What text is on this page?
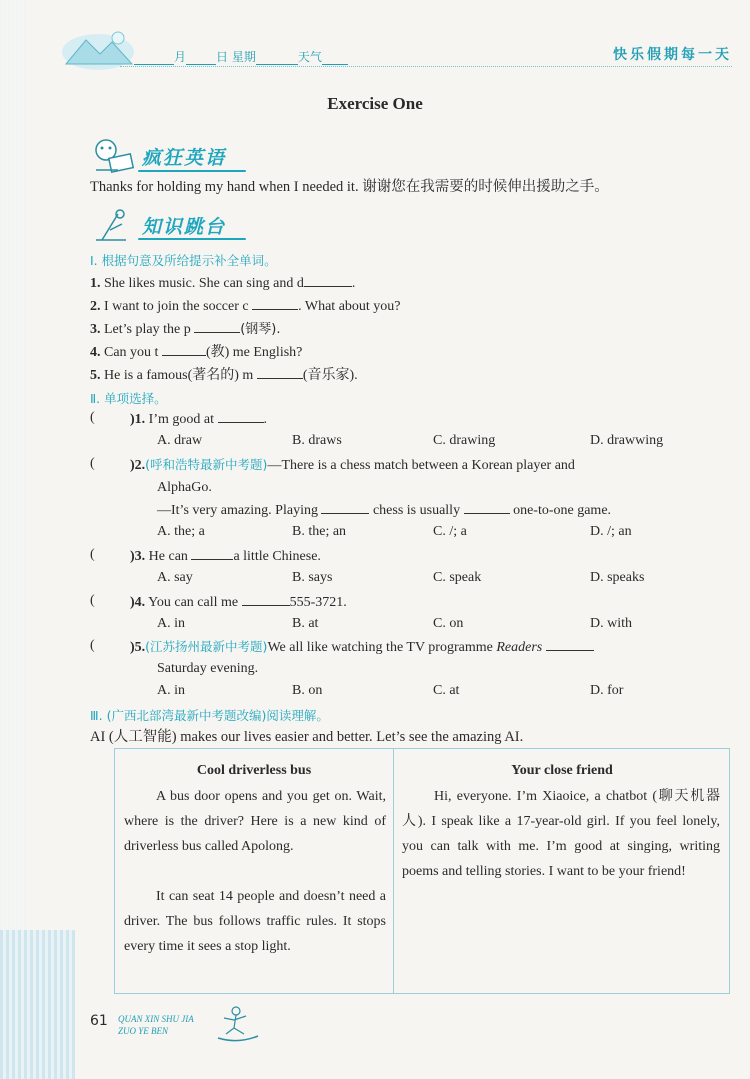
月	日 星期	天气	快乐假期每一天
Exercise One
疯狂英语
Thanks for holding my hand when I needed it. 谢谢您在我需要的时候伸出援助之手。
知识跳台
Ⅰ. 根据句意及所给提示补全单词。
1. She likes music. She can sing and d	.
2. I want to join the soccer c	. What about you?
3. Let’s play the p	(钢琴).
4. Can you t	(教) me English?
5. He is a famous(著名的) m	(音乐家).
Ⅱ. 单项选择。
(	)1. I’m good at	.
A. draw	B. draws	C. drawing	D. drawwing
(	)2.(呼和浩特最新中考题)—There is a chess match between a Korean player and
AlphaGo.
—It’s very amazing. Playing	chess is usually	one-to-one game.
A. the; a	B. the; an	C. /; a	D. /; an
(	)3. He can	a little Chinese.
A. say	B. says	C. speak	D. speaks
(	)4. You can call me	555-3721.
A. in	B. at	C. on	D. with
(	)5.(江苏扬州最新中考题)We all like watching the TV programme Readers
Saturday evening.
A. in	B. on	C. at	D. for
Ⅲ. (广西北部湾最新中考题改编)阅读理解。
AI (人工智能) makes our lives easier and better. Let’s see the amazing AI.
Cool driverless bus
A bus door opens and you get on. Wait, where is the driver? Here is a new kind of driverless bus called Apolong.
It can seat 14 people and doesn’t need a driver. The bus follows traffic rules. It stops every time it sees a stop light.
Your close friend
Hi, everyone. I’m Xiaoice, a chatbot (聊天机器人). I speak like a 17-year-old girl. If you feel lonely, you can talk with me. I’m good at singing, writing poems and telling stories. I want to be your friend!
61 QUAN XIN SHU JIA
ZUO YE BEN
